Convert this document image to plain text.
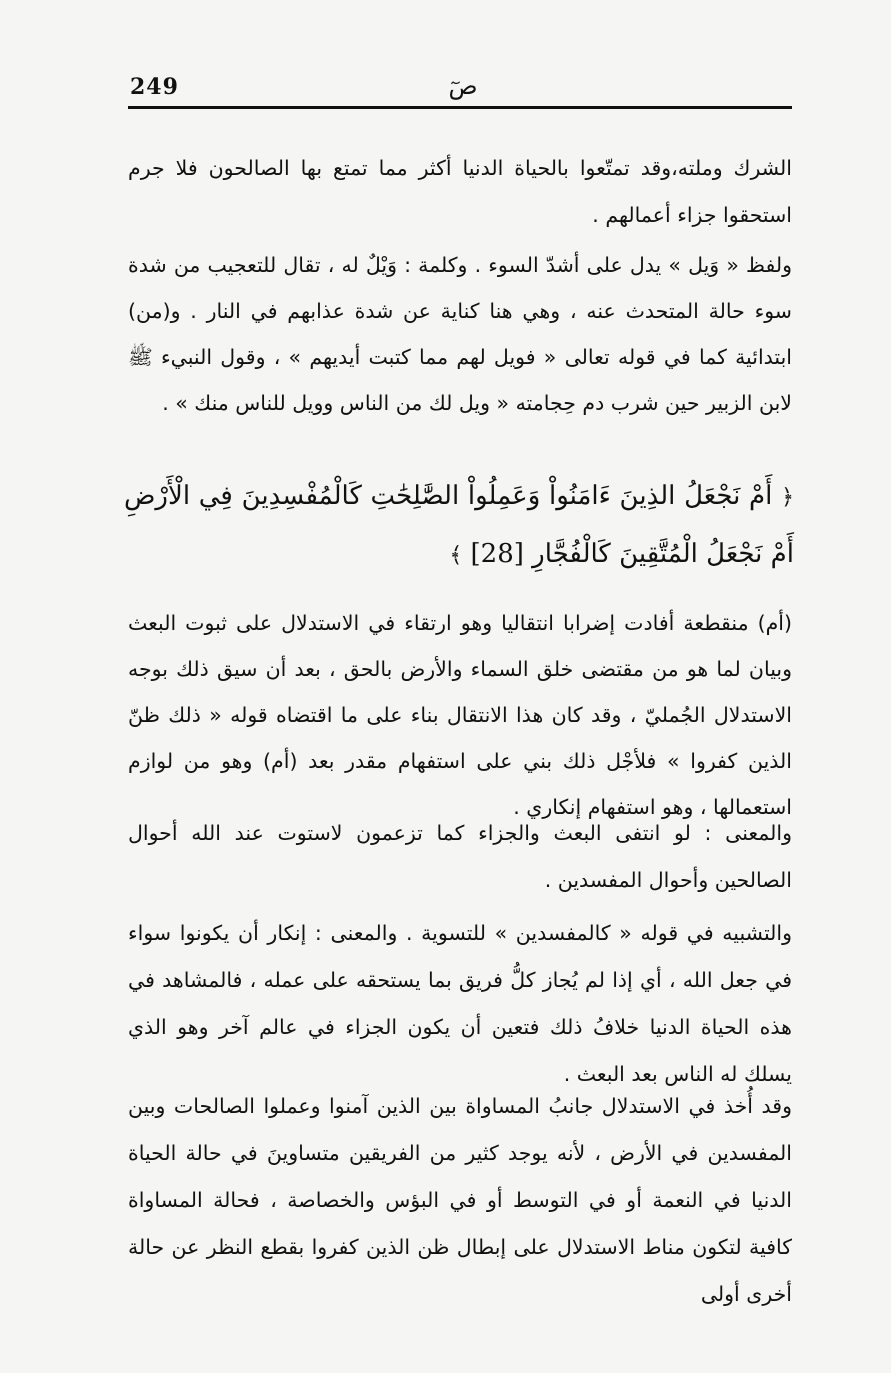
249	صٓ
الشرك وملته،وقد تمتّعوا بالحياة الدنيا أكثر مما تمتع بها الصالحون فلا جرم استحقوا جزاء أعمالهم .
ولفظ « وَيل » يدل على أشدّ السوء . وكلمة : وَيْلٌ له ، تقال للتعجيب من شدة سوء حالة المتحدث عنه ، وهي هنا كناية عن شدة عذابهم في النار . و(من) ابتدائية كما في قوله تعالى « فويل لهم مما كتبت أيديهم » ، وقول النبيء ﷺ لابن الزبير حين شرب دم حِجامته « ويل لك من الناس وويل للناس منك » .
﴿ أَمْ نَجْعَلُ الذِينَ ءَامَنُواْ وَعَمِلُواْ الصَّٰلِحَٰتِ كَالْمُفْسِدِينَ فِي الْأَرْضِ أَمْ نَجْعَلُ الْمُتَّقِينَ كَالْفُجَّارِ [28] ﴾
(أم) منقطعة أفادت إضرابا انتقاليا وهو ارتقاء في الاستدلال على ثبوت البعث وبيان لما هو من مقتضى خلق السماء والأرض بالحق ، بعد أن سيق ذلك بوجه الاستدلال الجُمليّ ، وقد كان هذا الانتقال بناء على ما اقتضاه قوله « ذلك ظنّ الذين كفروا » فلأجْل ذلك بني على استفهام مقدر بعد (أم) وهو من لوازم استعمالها ، وهو استفهام إنكاري .
والمعنى : لو انتفى البعث والجزاء كما تزعمون لاستوت عند الله أحوال الصالحين وأحوال المفسدين .
والتشبيه في قوله « كالمفسدين » للتسوية . والمعنى : إنكار أن يكونوا سواء في جعل الله ، أي إذا لم يُجاز كلُّ فريق بما يستحقه على عمله ، فالمشاهد في هذه الحياة الدنيا خلافُ ذلك فتعين أن يكون الجزاء في عالم آخر وهو الذي يسلك له الناس بعد البعث .
وقد أُخذ في الاستدلال جانبُ المساواة بين الذين آمنوا وعملوا الصالحات وبين المفسدين في الأرض ، لأنه يوجد كثير من الفريقين متساوينَ في حالة الحياة الدنيا في النعمة أو في التوسط أو في البؤس والخصاصة ، فحالة المساواة كافية لتكون مناط الاستدلال على إبطال ظن الذين كفروا بقطع النظر عن حالة أخرى أولى
